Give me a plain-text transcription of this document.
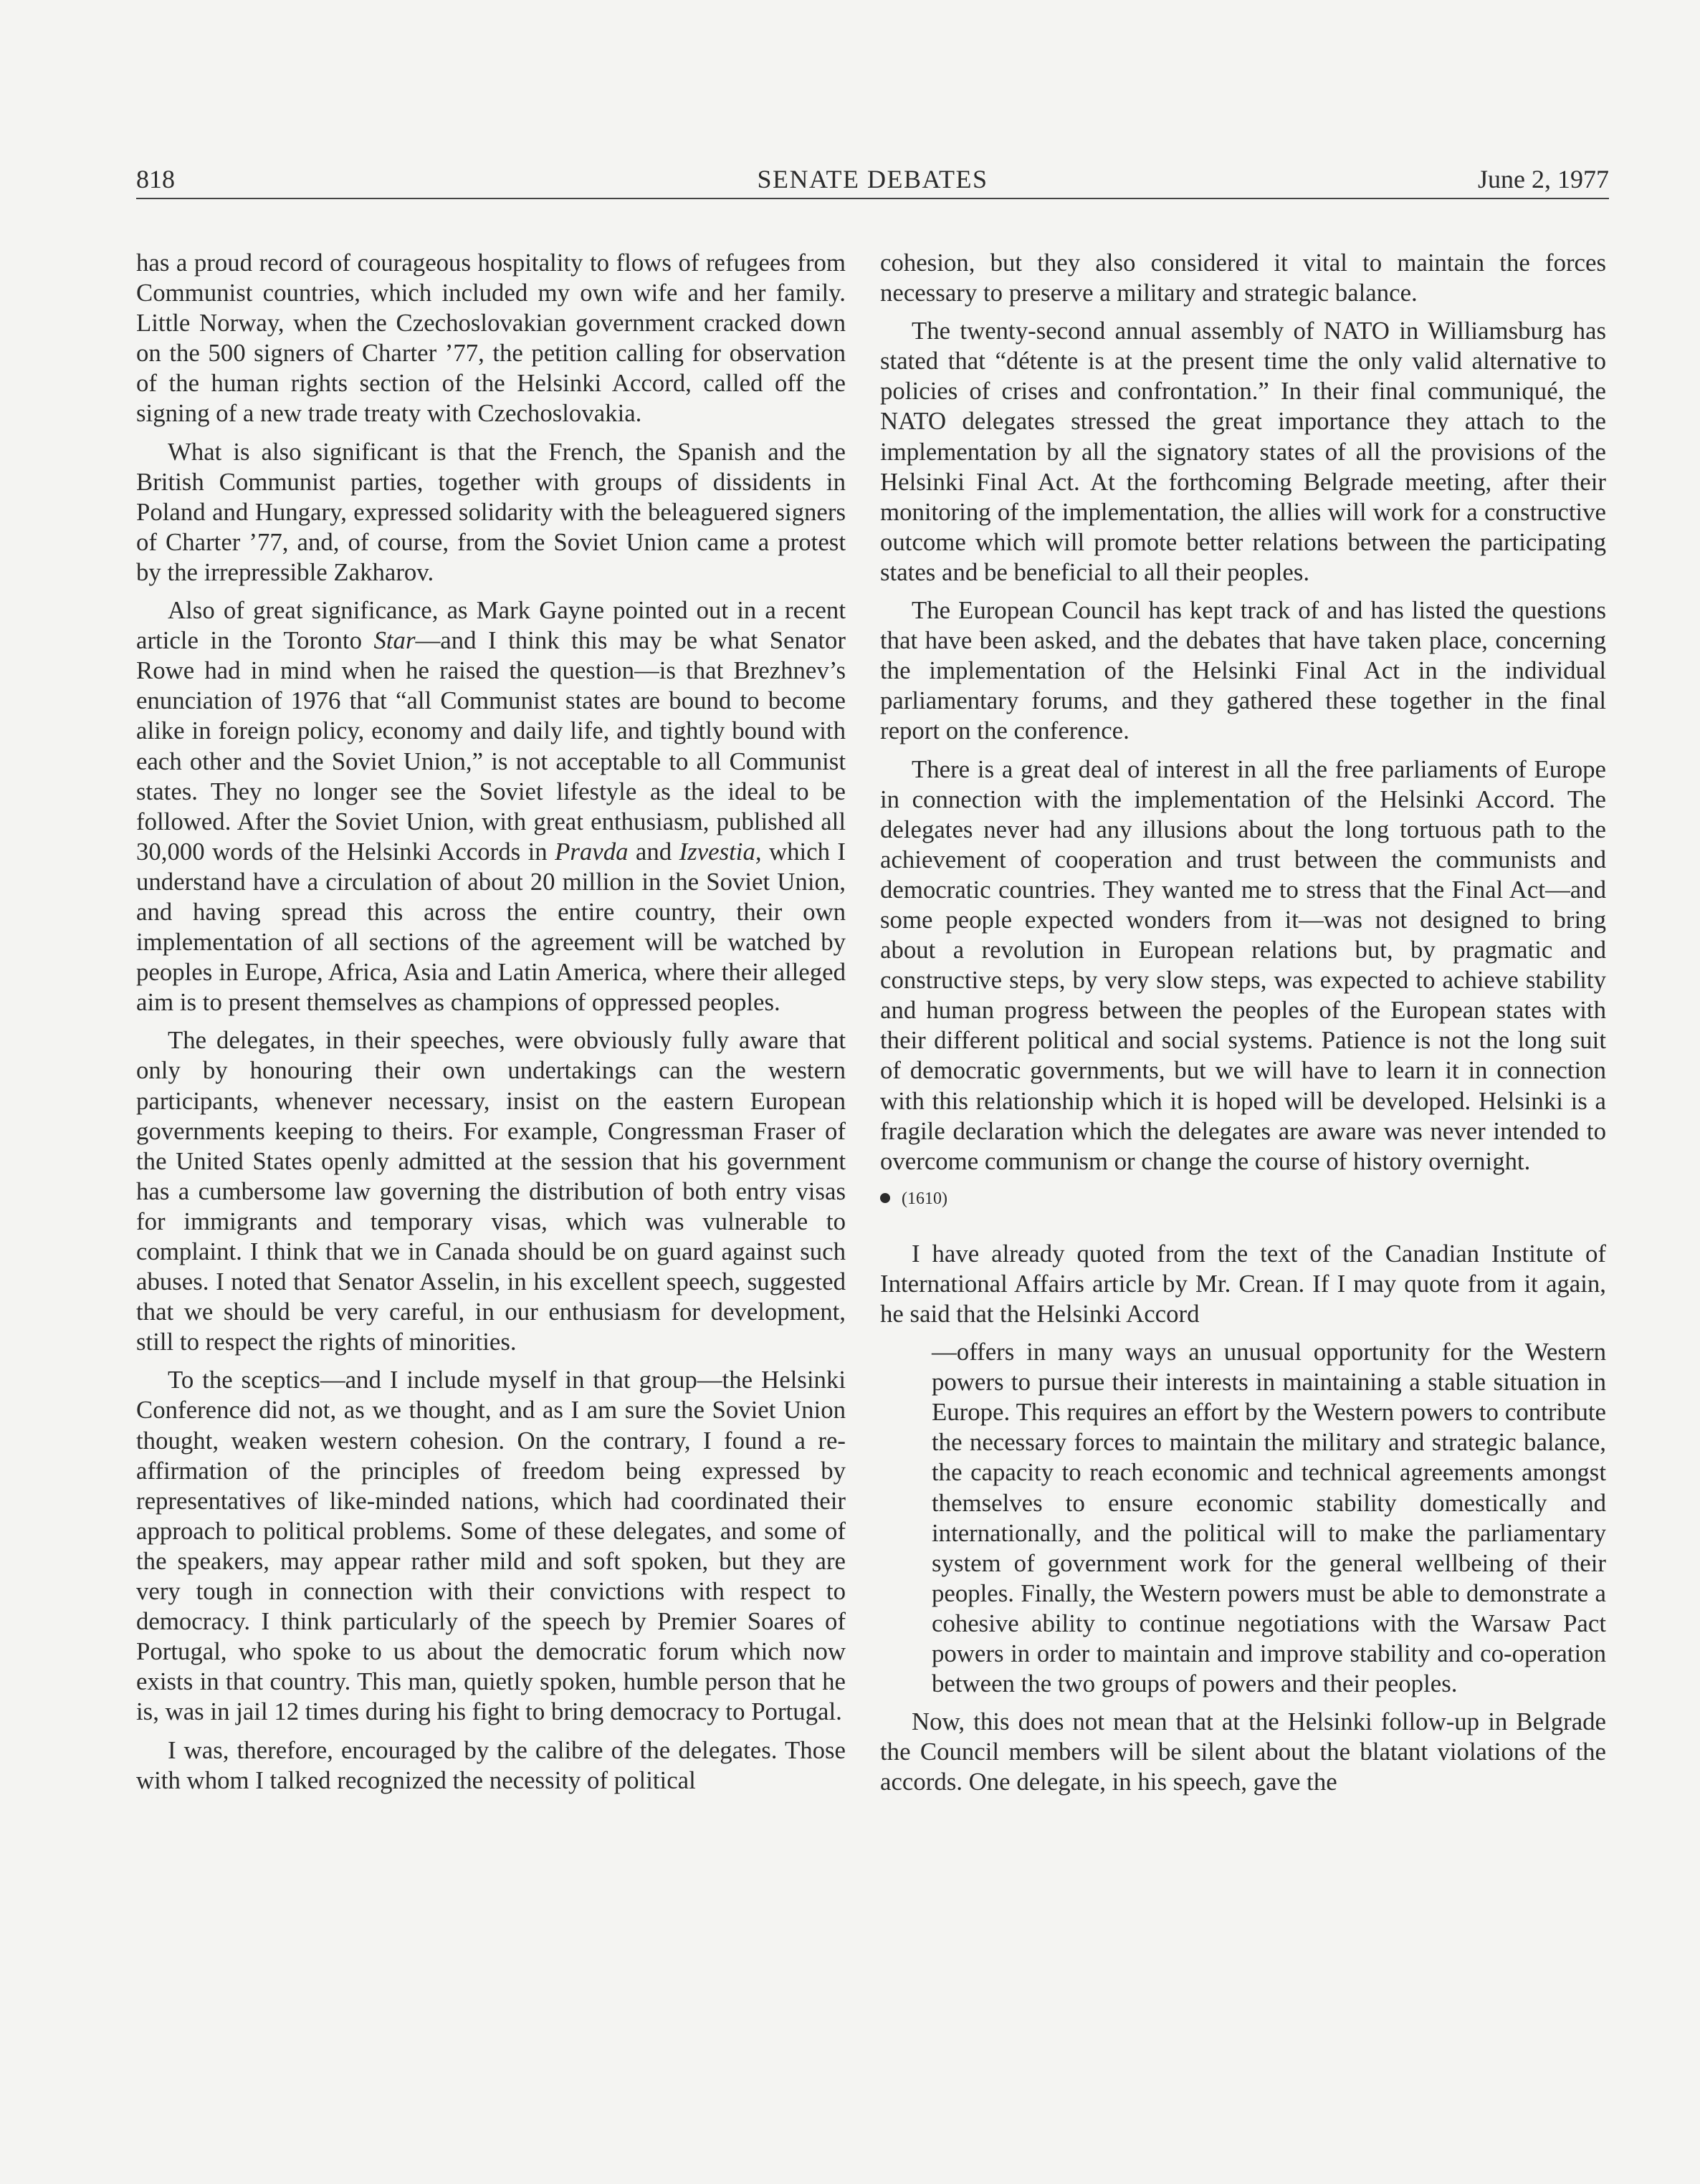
818	SENATE DEBATES	June 2, 1977

has a proud record of courageous hospitality to flows of refugees from Communist countries, which included my own wife and her family. Little Norway, when the Czechoslovakian government cracked down on the 500 signers of Charter ’77, the petition calling for observation of the human rights section of the Helsinki Accord, called off the signing of a new trade treaty with Czechoslovakia.

What is also significant is that the French, the Spanish and the British Communist parties, together with groups of dissidents in Poland and Hungary, expressed solidarity with the beleaguered signers of Charter ’77, and, of course, from the Soviet Union came a protest by the irrepressible Zakharov.

Also of great significance, as Mark Gayne pointed out in a recent article in the Toronto Star—and I think this may be what Senator Rowe had in mind when he raised the question—is that Brezhnev’s enunciation of 1976 that “all Communist states are bound to become alike in foreign policy, economy and daily life, and tightly bound with each other and the Soviet Union,” is not acceptable to all Communist states. They no longer see the Soviet lifestyle as the ideal to be followed. After the Soviet Union, with great enthusiasm, published all 30,000 words of the Helsinki Accords in Pravda and Izvestia, which I understand have a circulation of about 20 million in the Soviet Union, and having spread this across the entire country, their own implementation of all sections of the agreement will be watched by peoples in Europe, Africa, Asia and Latin America, where their alleged aim is to present themselves as champions of oppressed peoples.

The delegates, in their speeches, were obviously fully aware that only by honouring their own undertakings can the western participants, whenever necessary, insist on the eastern European governments keeping to theirs. For example, Congressman Fraser of the United States openly admitted at the session that his government has a cumbersome law governing the distribution of both entry visas for immigrants and temporary visas, which was vulnerable to complaint. I think that we in Canada should be on guard against such abuses. I noted that Senator Asselin, in his excellent speech, suggested that we should be very careful, in our enthusiasm for development, still to respect the rights of minorities.

To the sceptics—and I include myself in that group—the Helsinki Conference did not, as we thought, and as I am sure the Soviet Union thought, weaken western cohesion. On the contrary, I found a re-affirmation of the principles of freedom being expressed by representatives of like-minded nations, which had coordinated their approach to political problems. Some of these delegates, and some of the speakers, may appear rather mild and soft spoken, but they are very tough in connection with their convictions with respect to democracy. I think particularly of the speech by Premier Soares of Portugal, who spoke to us about the democratic forum which now exists in that country. This man, quietly spoken, humble person that he is, was in jail 12 times during his fight to bring democracy to Portugal.

I was, therefore, encouraged by the calibre of the delegates. Those with whom I talked recognized the necessity of political

cohesion, but they also considered it vital to maintain the forces necessary to preserve a military and strategic balance.

The twenty-second annual assembly of NATO in Williamsburg has stated that “détente is at the present time the only valid alternative to policies of crises and confrontation.” In their final communiqué, the NATO delegates stressed the great importance they attach to the implementation by all the signatory states of all the provisions of the Helsinki Final Act. At the forthcoming Belgrade meeting, after their monitoring of the implementation, the allies will work for a constructive outcome which will promote better relations between the participating states and be beneficial to all their peoples.

The European Council has kept track of and has listed the questions that have been asked, and the debates that have taken place, concerning the implementation of the Helsinki Final Act in the individual parliamentary forums, and they gathered these together in the final report on the conference.

There is a great deal of interest in all the free parliaments of Europe in connection with the implementation of the Helsinki Accord. The delegates never had any illusions about the long tortuous path to the achievement of cooperation and trust between the communists and democratic countries. They wanted me to stress that the Final Act—and some people expected wonders from it—was not designed to bring about a revolution in European relations but, by pragmatic and constructive steps, by very slow steps, was expected to achieve stability and human progress between the peoples of the European states with their different political and social systems. Patience is not the long suit of democratic governments, but we will have to learn it in connection with this relationship which it is hoped will be developed. Helsinki is a fragile declaration which the delegates are aware was never intended to overcome communism or change the course of history overnight.

(1610)

I have already quoted from the text of the Canadian Institute of International Affairs article by Mr. Crean. If I may quote from it again, he said that the Helsinki Accord

—offers in many ways an unusual opportunity for the Western powers to pursue their interests in maintaining a stable situation in Europe. This requires an effort by the Western powers to contribute the necessary forces to maintain the military and strategic balance, the capacity to reach economic and technical agreements amongst themselves to ensure economic stability domestically and internationally, and the political will to make the parliamentary system of government work for the general wellbeing of their peoples. Finally, the Western powers must be able to demonstrate a cohesive ability to continue negotiations with the Warsaw Pact powers in order to maintain and improve stability and co-operation between the two groups of powers and their peoples.

Now, this does not mean that at the Helsinki follow-up in Belgrade the Council members will be silent about the blatant violations of the accords. One delegate, in his speech, gave the
